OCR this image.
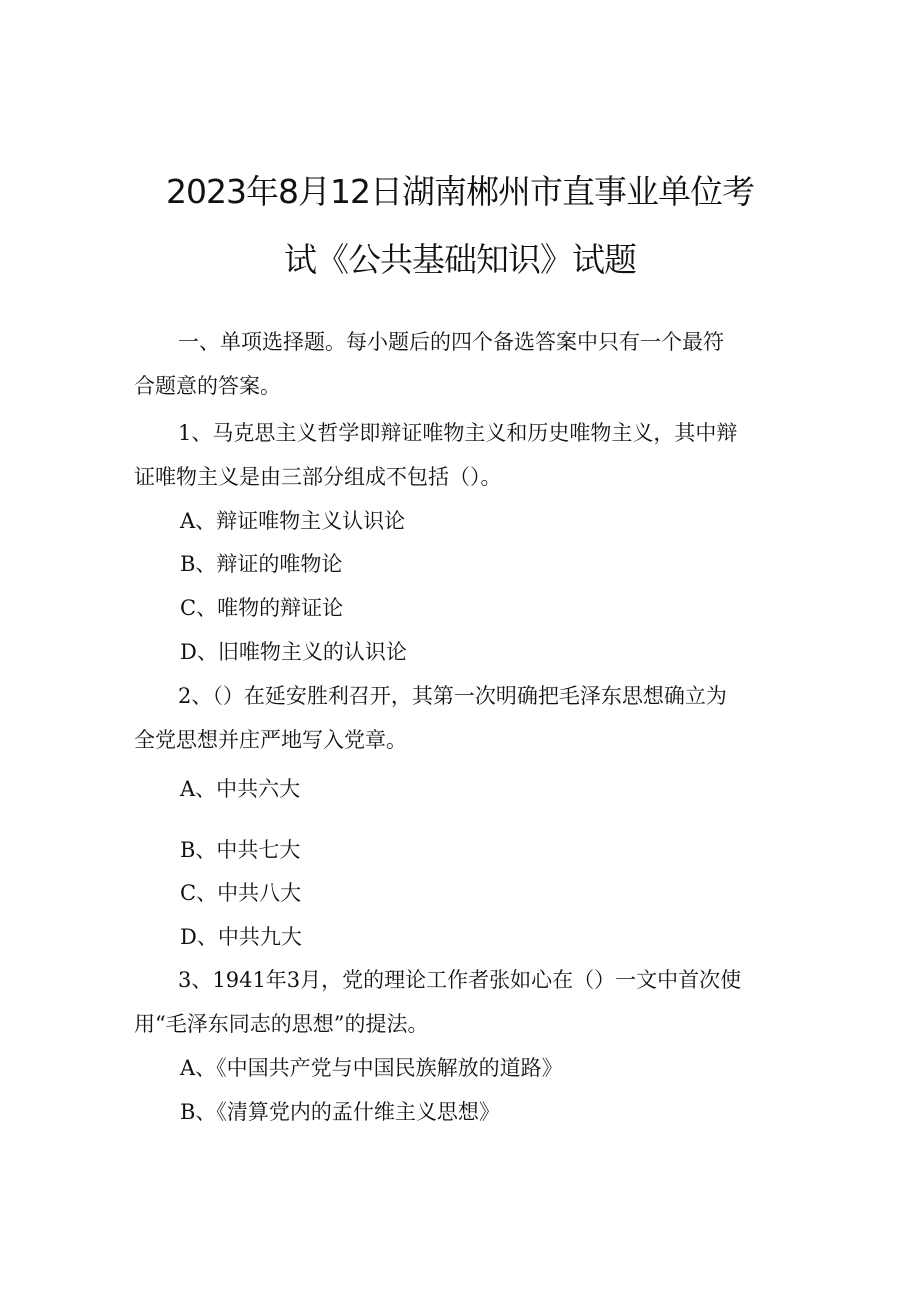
2023年8月12日湖南郴州市直事业单位考
试《公共基础知识》试题
一、单项选择题。每小题后的四个备选答案中只有一个最符
合题意的答案。
1、马克思主义哲学即辩证唯物主义和历史唯物主义，其中辩
证唯物主义是由三部分组成不包括（）。
A、辩证唯物主义认识论
B、辩证的唯物论
C、唯物的辩证论
D、旧唯物主义的认识论
2、（）在延安胜利召开，其第一次明确把毛泽东思想确立为
全党思想并庄严地写入党章。
A、中共六大
B、中共七大
C、中共八大
D、中共九大
3、1941年3月，党的理论工作者张如心在（）一文中首次使
用“毛泽东同志的思想”的提法。
A、《中国共产党与中国民族解放的道路》
B、《清算党内的孟什维主义思想》
